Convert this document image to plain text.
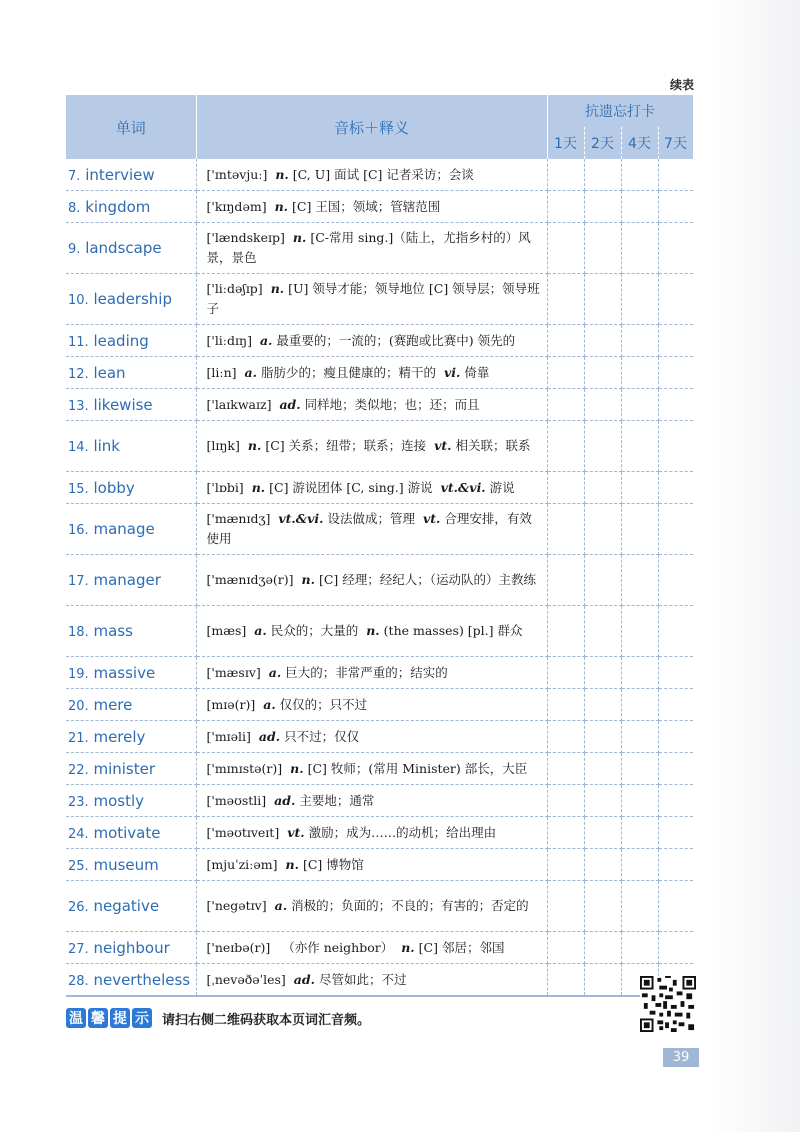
续表
单词	音标＋释义	抗遗忘打卡			
		1天	2天	4天	7天
7. interview	['ɪntəvjuː] n. [C, U] 面试 [C] 记者采访；会谈				
8. kingdom	['kɪŋdəm] n. [C] 王国；领域；管辖范围				
9. landscape	['lændskeɪp] n. [C-常用 sing.]（陆上，尤指乡村的）风景，景色				
10. leadership	['liːdəʃɪp] n. [U] 领导才能；领导地位 [C] 领导层；领导班子				
11. leading	['liːdɪŋ] a. 最重要的；一流的；(赛跑或比赛中) 领先的				
12. lean	[liːn] a. 脂肪少的；瘦且健康的；精干的 vi. 倚靠				
13. likewise	['laɪkwaɪz] ad. 同样地；类似地；也；还；而且				
14. link	[lɪŋk] n. [C] 关系；纽带；联系；连接 vt. 相关联；联系				
15. lobby	['lɒbi] n. [C] 游说团体 [C, sing.] 游说 vt.&vi. 游说				
16. manage	['mænɪdʒ] vt.&vi. 设法做成；管理 vt. 合理安排，有效使用				
17. manager	['mænɪdʒə(r)] n. [C] 经理；经纪人；（运动队的）主教练				
18. mass	[mæs] a. 民众的；大量的 n. (the masses) [pl.] 群众				
19. massive	['mæsɪv] a. 巨大的；非常严重的；结实的				
20. mere	[mɪə(r)] a. 仅仅的；只不过				
21. merely	['mɪəli] ad. 只不过；仅仅				
22. minister	['mɪnɪstə(r)] n. [C] 牧师；(常用 Minister) 部长，大臣				
23. mostly	['məʊstli] ad. 主要地；通常				
24. motivate	['məʊtɪveɪt] vt. 激励；成为……的动机；给出理由				
25. museum	[mjuˈziːəm] n. [C] 博物馆				
26. negative	['negətɪv] a. 消极的；负面的；不良的；有害的；否定的				
27. neighbour	['neɪbə(r)] （亦作 neighbor） n. [C] 邻居；邻国				
28. nevertheless	[ˌnevəðəˈles] ad. 尽管如此；不过				
温 馨 提 示 请扫右侧二维码获取本页词汇音频。
39
